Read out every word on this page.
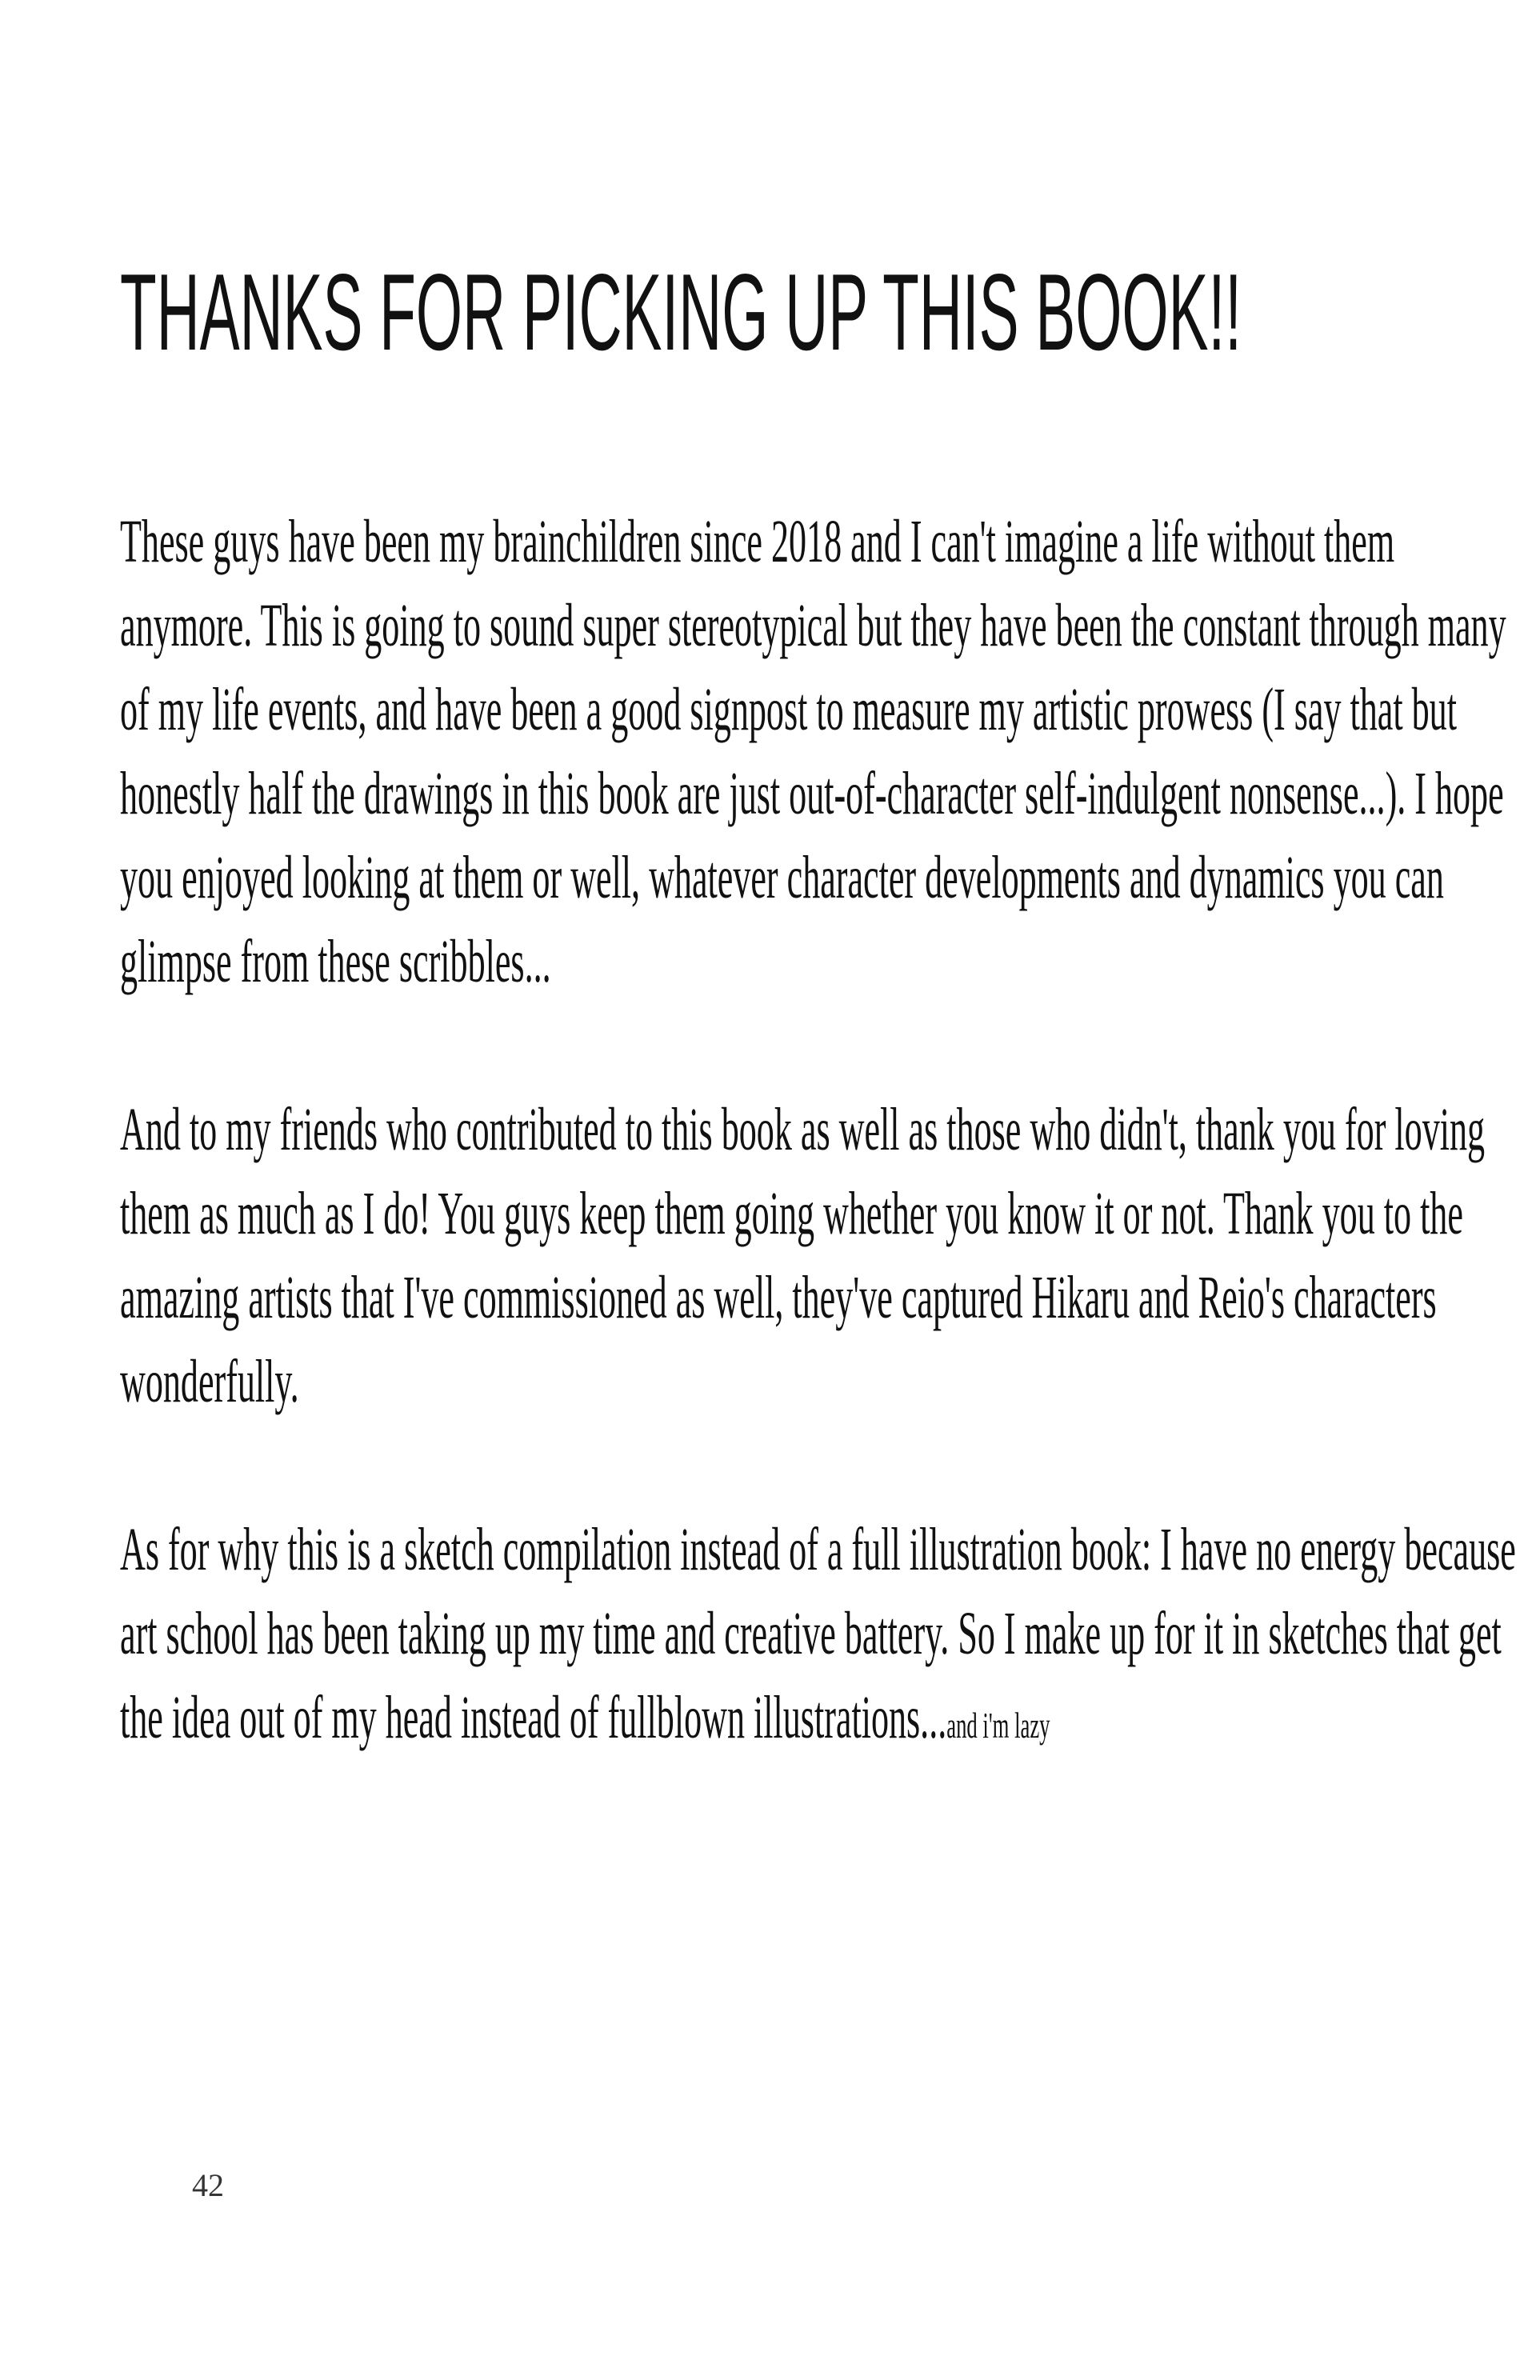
THANKS FOR PICKING UP THIS BOOK!!

These guys have been my brainchildren since 2018 and I can't imagine a life without them anymore. This is going to sound super stereotypical but they have been the constant through many of my life events, and have been a good signpost to measure my artistic prowess (I say that but honestly half the drawings in this book are just out-of-character self-indulgent nonsense...). I hope you enjoyed looking at them or well, whatever character developments and dynamics you can glimpse from these scribbles...

And to my friends who contributed to this book as well as those who didn't, thank you for loving them as much as I do! You guys keep them going whether you know it or not. Thank you to the amazing artists that I've commissioned as well, they've captured Hikaru and Reio's characters wonderfully.

As for why this is a sketch compilation instead of a full illustration book: I have no energy because art school has been taking up my time and creative battery. So I make up for it in sketches that get the idea out of my head instead of fullblown illustrations...and i'm lazy

42
